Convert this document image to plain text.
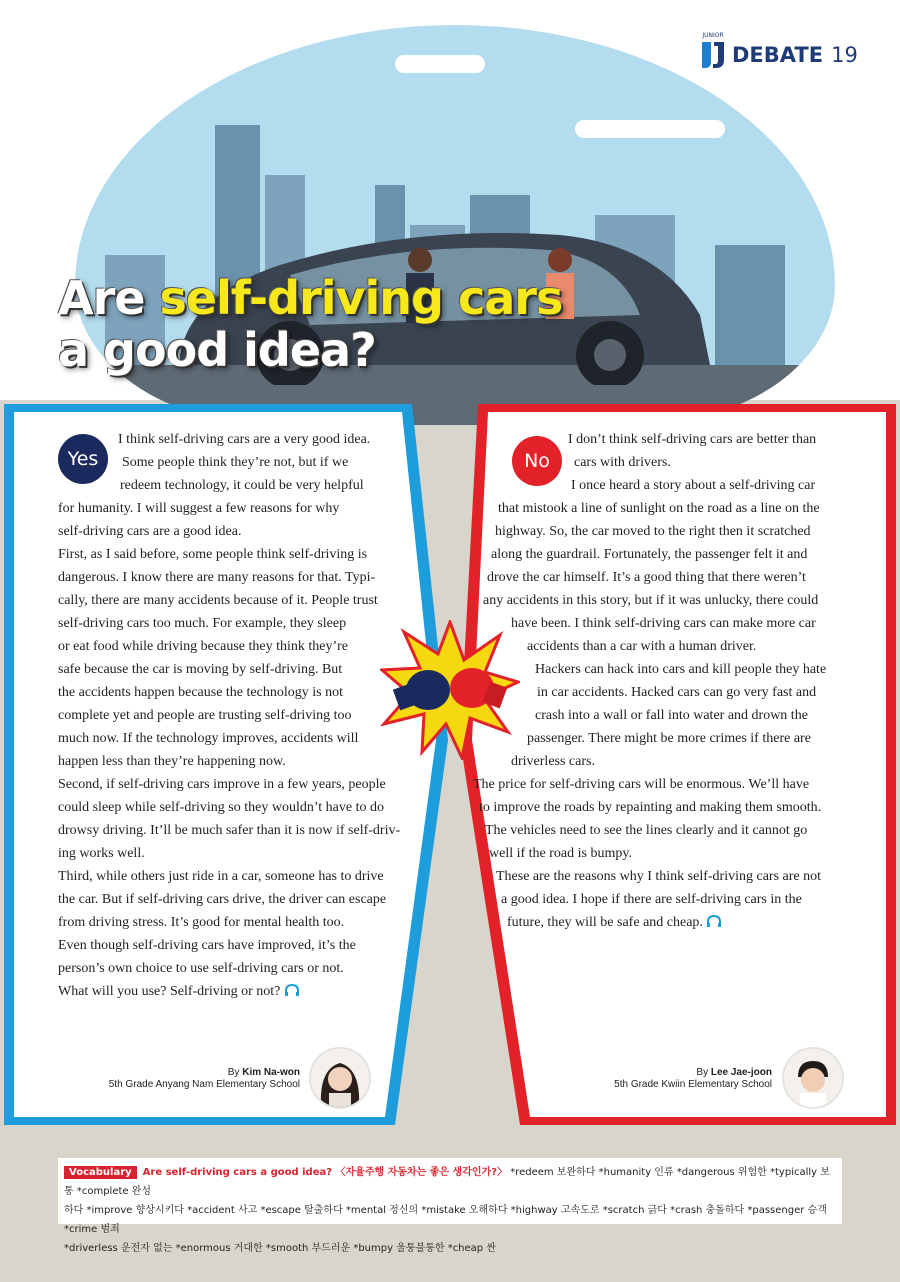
Are self-driving cars
a good idea?
JUNIOR
DEBATE 19
Yes
I think self-driving cars are a very good idea.
Some people think they’re not, but if we
redeem technology, it could be very helpful
for humanity. I will suggest a few reasons for why
self-driving cars are a good idea.
First, as I said before, some people think self-driving is
dangerous. I know there are many reasons for that. Typi-
cally, there are many accidents because of it. People trust
self-driving cars too much. For example, they sleep
or eat food while driving because they think they’re
safe because the car is moving by self-driving. But
the accidents happen because the technology is not
complete yet and people are trusting self-driving too
much now. If the technology improves, accidents will
happen less than they’re happening now.
Second, if self-driving cars improve in a few years, people
could sleep while self-driving so they wouldn’t have to do
drowsy driving. It’ll be much safer than it is now if self-driv-
ing works well.
Third, while others just ride in a car, someone has to drive
the car. But if self-driving cars drive, the driver can escape
from driving stress. It’s good for mental health too.
Even though self-driving cars have improved, it’s the
person’s own choice to use self-driving cars or not.
What will you use? Self-driving or not?
By Kim Na-won
5th Grade Anyang Nam Elementary School
No
I don’t think self-driving cars are better than
cars with drivers.
I once heard a story about a self-driving car
that mistook a line of sunlight on the road as a line on the
highway. So, the car moved to the right then it scratched
along the guardrail. Fortunately, the passenger felt it and
drove the car himself. It’s a good thing that there weren’t
any accidents in this story, but if it was unlucky, there could
have been. I think self-driving cars can make more car
accidents than a car with a human driver.
Hackers can hack into cars and kill people they hate
in car accidents. Hacked cars can go very fast and
crash into a wall or fall into water and drown the
passenger. There might be more crimes if there are
driverless cars.
The price for self-driving cars will be enormous. We’ll have
to improve the roads by repainting and making them smooth.
The vehicles need to see the lines clearly and it cannot go
well if the road is bumpy.
These are the reasons why I think self-driving cars are not
a good idea. I hope if there are self-driving cars in the
future, they will be safe and cheap.
By Lee Jae-joon
5th Grade Kwiin Elementary School
Vocabulary Are self-driving cars a good idea? 〈자율주행 자동차는 좋은 생각인가?〉 *redeem 보완하다 *humanity 인류 *dangerous 위험한 *typically 보통 *complete 완성
하다 *improve 향상시키다 *accident 사고 *escape 탈출하다 *mental 정신의 *mistake 오해하다 *highway 고속도로 *scratch 긁다 *crash 충돌하다 *passenger 승객 *crime 범죄
*driverless 운전자 없는 *enormous 거대한 *smooth 부드러운 *bumpy 울퉁불퉁한 *cheap 싼
